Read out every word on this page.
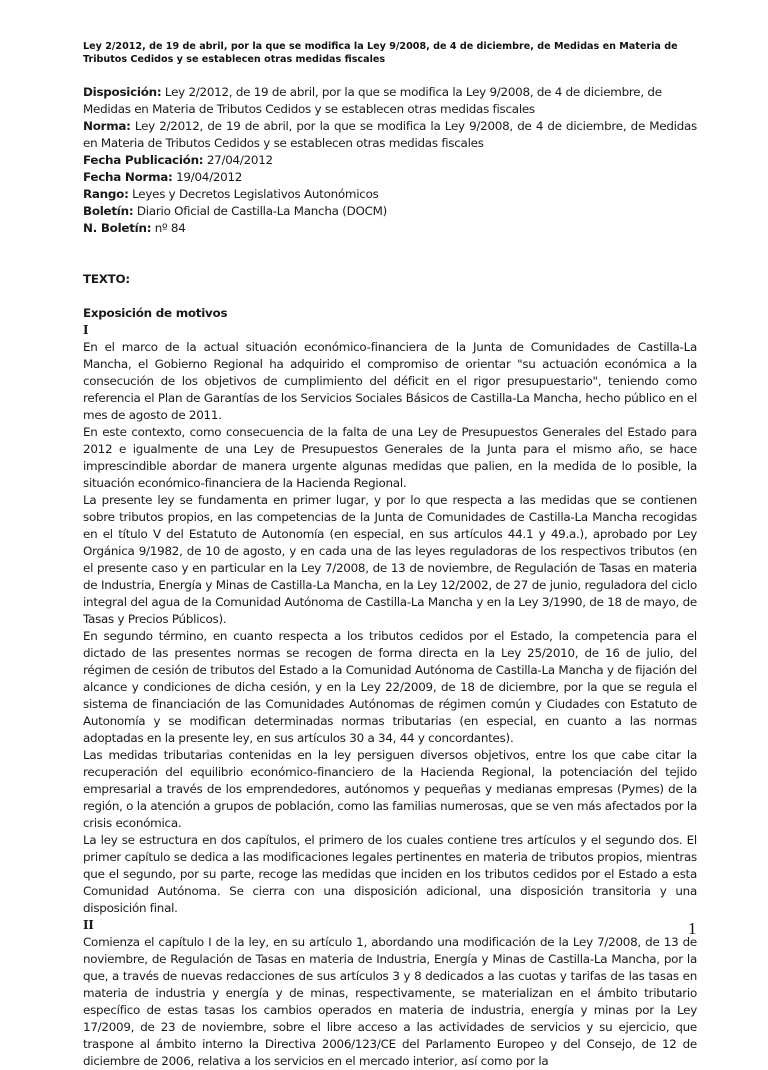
Ley 2/2012, de 19 de abril, por la que se modifica la Ley 9/2008, de 4 de diciembre, de Medidas en Materia de Tributos Cedidos y se establecen otras medidas fiscales

Disposición: Ley 2/2012, de 19 de abril, por la que se modifica la Ley 9/2008, de 4 de diciembre, de Medidas en Materia de Tributos Cedidos y se establecen otras medidas fiscales

Norma: Ley 2/2012, de 19 de abril, por la que se modifica la Ley 9/2008, de 4 de diciembre, de Medidas en Materia de Tributos Cedidos y se establecen otras medidas fiscales

Fecha Publicación: 27/04/2012

Fecha Norma: 19/04/2012

Rango: Leyes y Decretos Legislativos Autonómicos

Boletín: Diario Oficial de Castilla-La Mancha (DOCM)

N. Boletín: nº 84

TEXTO:
Exposición de motivos
I

En el marco de la actual situación económico-financiera de la Junta de Comunidades de Castilla-La Mancha, el Gobierno Regional ha adquirido el compromiso de orientar "su actuación económica a la consecución de los objetivos de cumplimiento del déficit en el rigor presupuestario", teniendo como referencia el Plan de Garantías de los Servicios Sociales Básicos de Castilla-La Mancha, hecho público en el mes de agosto de 2011.

En este contexto, como consecuencia de la falta de una Ley de Presupuestos Generales del Estado para 2012 e igualmente de una Ley de Presupuestos Generales de la Junta para el mismo año, se hace imprescindible abordar de manera urgente algunas medidas que palien, en la medida de lo posible, la situación económico-financiera de la Hacienda Regional.

La presente ley se fundamenta en primer lugar, y por lo que respecta a las medidas que se contienen sobre tributos propios, en las competencias de la Junta de Comunidades de Castilla-La Mancha recogidas en el título V del Estatuto de Autonomía (en especial, en sus artículos 44.1 y 49.a.), aprobado por Ley Orgánica 9/1982, de 10 de agosto, y en cada una de las leyes reguladoras de los respectivos tributos (en el presente caso y en particular en la Ley 7/2008, de 13 de noviembre, de Regulación de Tasas en materia de Industria, Energía y Minas de Castilla-La Mancha, en la Ley 12/2002, de 27 de junio, reguladora del ciclo integral del agua de la Comunidad Autónoma de Castilla-La Mancha y en la Ley 3/1990, de 18 de mayo, de Tasas y Precios Públicos).

En segundo término, en cuanto respecta a los tributos cedidos por el Estado, la competencia para el dictado de las presentes normas se recogen de forma directa en la Ley 25/2010, de 16 de julio, del régimen de cesión de tributos del Estado a la Comunidad Autónoma de Castilla-La Mancha y de fijación del alcance y condiciones de dicha cesión, y en la Ley 22/2009, de 18 de diciembre, por la que se regula el sistema de financiación de las Comunidades Autónomas de régimen común y Ciudades con Estatuto de Autonomía y se modifican determinadas normas tributarias (en especial, en cuanto a las normas adoptadas en la presente ley, en sus artículos 30 a 34, 44 y concordantes).

Las medidas tributarias contenidas en la ley persiguen diversos objetivos, entre los que cabe citar la recuperación del equilibrio económico-financiero de la Hacienda Regional, la potenciación del tejido empresarial a través de los emprendedores, autónomos y pequeñas y medianas empresas (Pymes) de la región, o la atención a grupos de población, como las familias numerosas, que se ven más afectados por la crisis económica.

La ley se estructura en dos capítulos, el primero de los cuales contiene tres artículos y el segundo dos. El primer capítulo se dedica a las modificaciones legales pertinentes en materia de tributos propios, mientras que el segundo, por su parte, recoge las medidas que inciden en los tributos cedidos por el Estado a esta Comunidad Autónoma. Se cierra con una disposición adicional, una disposición transitoria y una disposición final.

II

Comienza el capítulo I de la ley, en su artículo 1, abordando una modificación de la Ley 7/2008, de 13 de noviembre, de Regulación de Tasas en materia de Industria, Energía y Minas de Castilla-La Mancha, por la que, a través de nuevas redacciones de sus artículos 3 y 8 dedicados a las cuotas y tarifas de las tasas en materia de industria y energía y de minas, respectivamente, se materializan en el ámbito tributario específico de estas tasas los cambios operados en materia de industria, energía y minas por la Ley 17/2009, de 23 de noviembre, sobre el libre acceso a las actividades de servicios y su ejercicio, que traspone al ámbito interno la Directiva 2006/123/CE del Parlamento Europeo y del Consejo, de 12 de diciembre de 2006, relativa a los servicios en el mercado interior, así como por la

1
